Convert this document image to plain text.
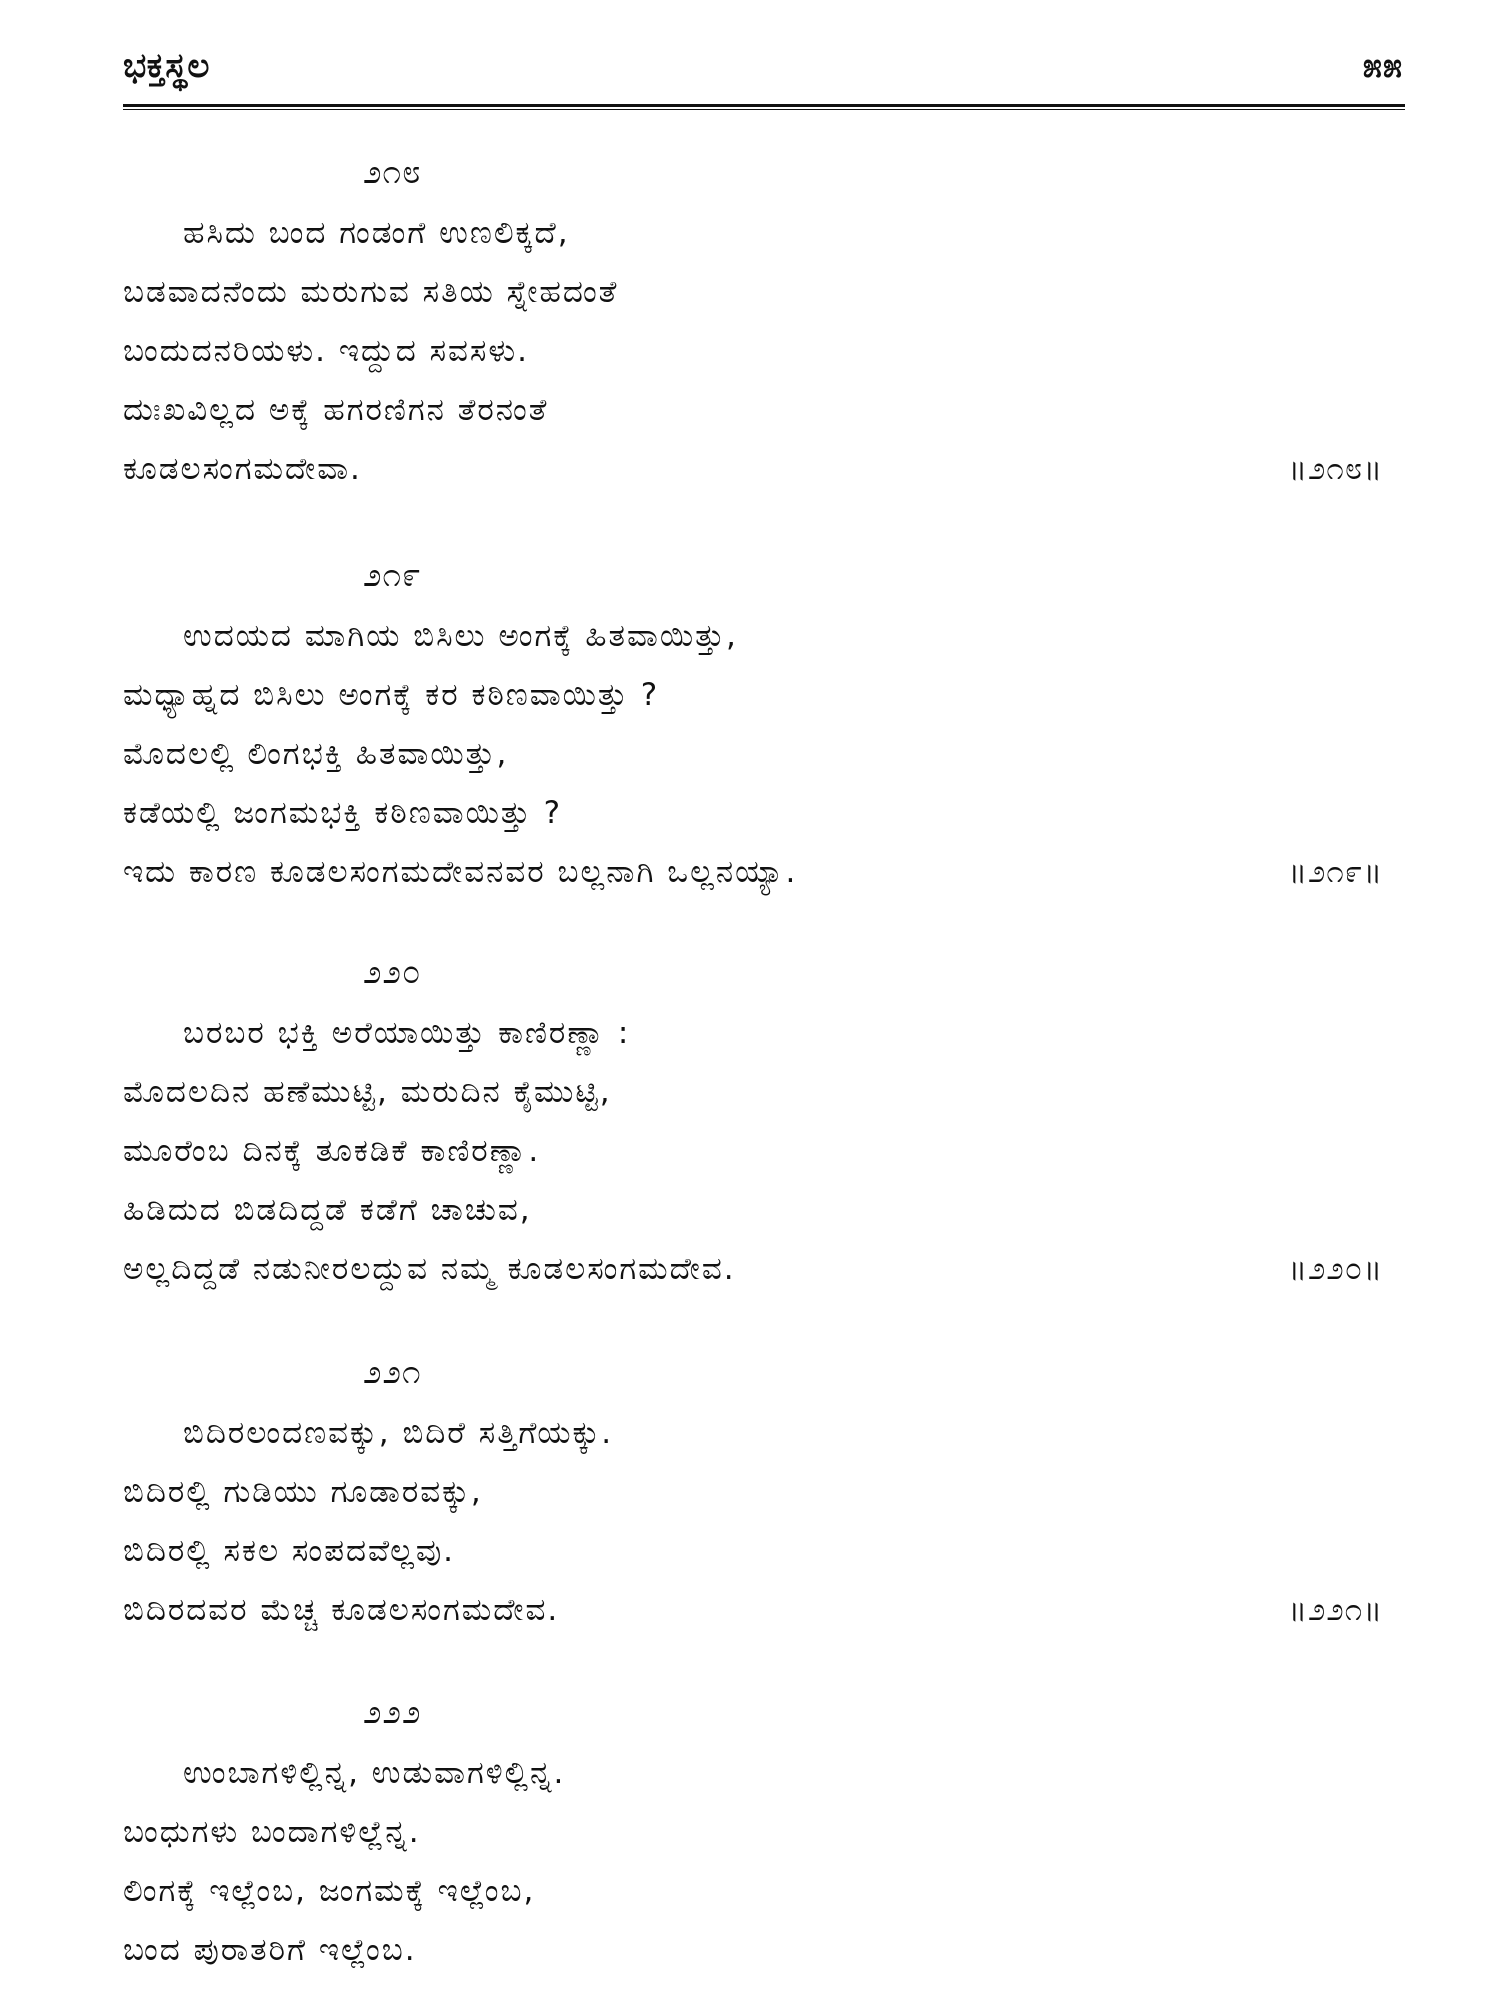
ಭಕ್ತಸ್ಥಲ	೫೫
೨೧೮
ಹಸಿದು ಬಂದ ಗಂಡಂಗೆ ಉಣಲಿಕ್ಕದೆ,
ಬಡವಾದನೆಂದು ಮರುಗುವ ಸತಿಯ ಸ್ನೇಹದಂತೆ
ಬಂದುದನರಿಯಳು. ಇದ್ದುದ ಸವಸಳು.
ದುಃಖವಿಲ್ಲದ ಅಕ್ಕೆ ಹಗರಣಿಗನ ತೆರನಂತೆ
ಕೂಡಲಸಂಗಮದೇವಾ.	॥೨೧೮॥
೨೧೯
ಉದಯದ ಮಾಗಿಯ ಬಿಸಿಲು ಅಂಗಕ್ಕೆ ಹಿತವಾಯಿತ್ತು,
ಮಧ್ಯಾಹ್ನದ ಬಿಸಿಲು ಅಂಗಕ್ಕೆ ಕರ ಕಠಿಣವಾಯಿತ್ತು ?
ಮೊದಲಲ್ಲಿ ಲಿಂಗಭಕ್ತಿ ಹಿತವಾಯಿತ್ತು,
ಕಡೆಯಲ್ಲಿ ಜಂಗಮಭಕ್ತಿ ಕಠಿಣವಾಯಿತ್ತು ?
ಇದು ಕಾರಣ ಕೂಡಲಸಂಗಮದೇವನವರ ಬಲ್ಲನಾಗಿ ಒಲ್ಲನಯ್ಯಾ.	॥೨೧೯॥
೨೨೦
ಬರಬರ ಭಕ್ತಿ ಅರೆಯಾಯಿತ್ತು ಕಾಣಿರಣ್ಣಾ :
ಮೊದಲದಿನ ಹಣೆಮುಟ್ಟಿ, ಮರುದಿನ ಕೈಮುಟ್ಟಿ,
ಮೂರೆಂಬ ದಿನಕ್ಕೆ ತೂಕಡಿಕೆ ಕಾಣಿರಣ್ಣಾ.
ಹಿಡಿದುದ ಬಿಡದಿದ್ದಡೆ ಕಡೆಗೆ ಚಾಚುವ,
ಅಲ್ಲದಿದ್ದಡೆ ನಡುನೀರಲದ್ದುವ ನಮ್ಮ ಕೂಡಲಸಂಗಮದೇವ.	॥೨೨೦॥
೨೨೧
ಬಿದಿರಲಂದಣವಕ್ಕು, ಬಿದಿರೆ ಸತ್ತಿಗೆಯಕ್ಕು.
ಬಿದಿರಲ್ಲಿ ಗುಡಿಯು ಗೂಡಾರವಕ್ಕು,
ಬಿದಿರಲ್ಲಿ ಸಕಲ ಸಂಪದವೆಲ್ಲವು.
ಬಿದಿರದವರ ಮೆಚ್ಚ ಕೂಡಲಸಂಗಮದೇವ.	॥೨೨೧॥
೨೨೨
ಉಂಬಾಗಳಿಲ್ಲಿನ್ನ, ಉಡುವಾಗಳಿಲ್ಲಿನ್ನ.
ಬಂಧುಗಳು ಬಂದಾಗಳಿಲ್ಲೆನ್ನ.
ಲಿಂಗಕ್ಕೆ ಇಲ್ಲೆಂಬ, ಜಂಗಮಕ್ಕೆ ಇಲ್ಲೆಂಬ,
ಬಂದ ಪುರಾತರಿಗೆ ಇಲ್ಲೆಂಬ.
